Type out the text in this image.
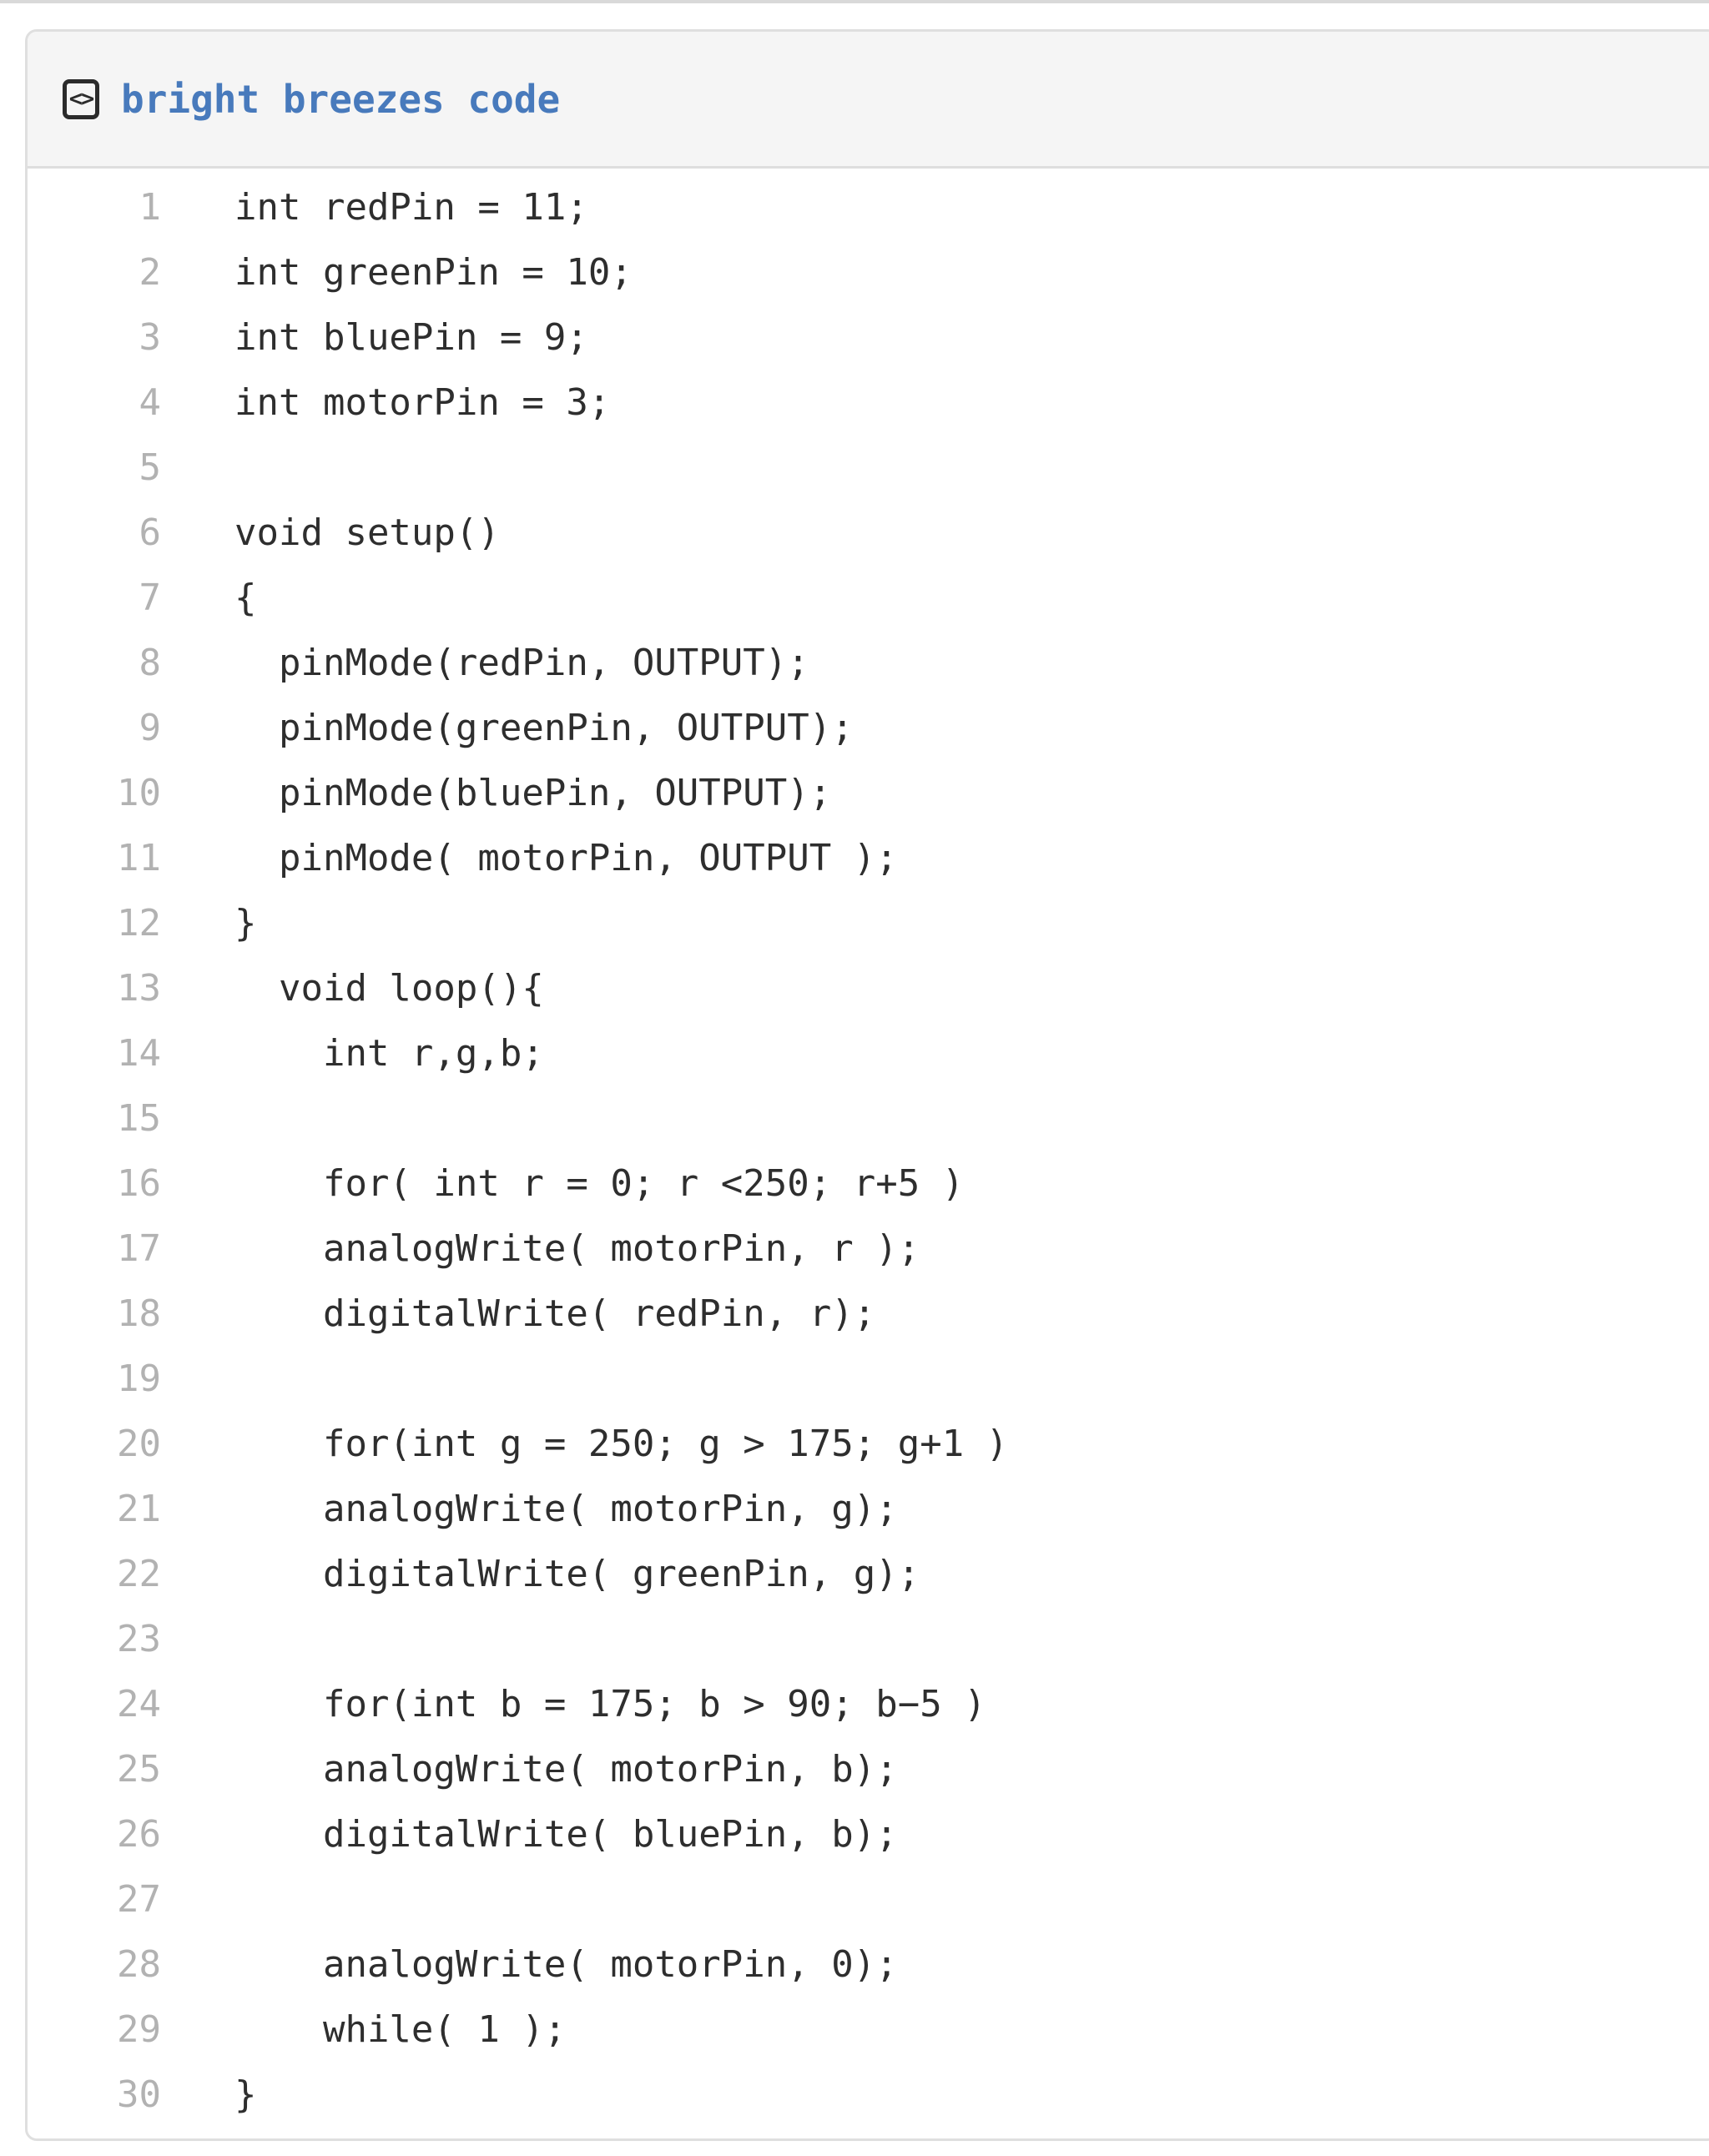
<> bright breezes code
1	int redPin = 11;
2	int greenPin = 10;
3	int bluePin = 9;
4	int motorPin = 3;
5
6	void setup()
7	{
8	pinMode(redPin, OUTPUT);
9	pinMode(greenPin, OUTPUT);
10	pinMode(bluePin, OUTPUT);
11	pinMode( motorPin, OUTPUT );
12	}
13	void loop(){
14	int r,g,b;
15
16	for( int r = 0; r <250; r+5 )
17	analogWrite( motorPin, r );
18	digitalWrite( redPin, r);
19
20	for(int g = 250; g > 175; g+1 )
21	analogWrite( motorPin, g);
22	digitalWrite( greenPin, g);
23
24	for(int b = 175; b > 90; b−5 )
25	analogWrite( motorPin, b);
26	digitalWrite( bluePin, b);
27
28	analogWrite( motorPin, 0);
29	while( 1 );
30	}
